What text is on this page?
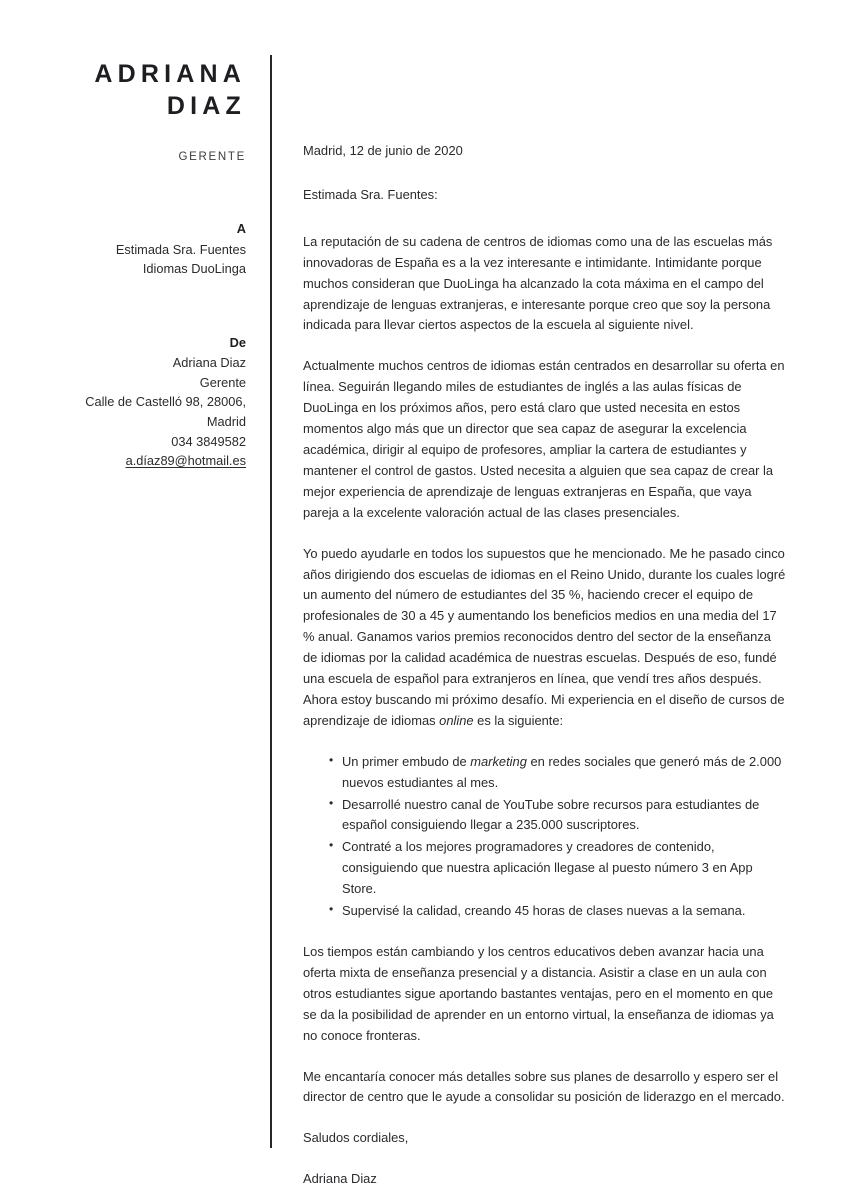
ADRIANA
DIAZ
GERENTE
A
Estimada Sra. Fuentes
Idiomas DuoLinga
De
Adriana Diaz
Gerente
Calle de Castelló 98, 28006,
Madrid
034 3849582
a.díaz89@hotmail.es

Madrid, 12 de junio de 2020

Estimada Sra. Fuentes:

La reputación de su cadena de centros de idiomas como una de las escuelas más innovadoras de España es a la vez interesante e intimidante. Intimidante porque muchos consideran que DuoLinga ha alcanzado la cota máxima en el campo del aprendizaje de lenguas extranjeras, e interesante porque creo que soy la persona indicada para llevar ciertos aspectos de la escuela al siguiente nivel.

Actualmente muchos centros de idiomas están centrados en desarrollar su oferta en línea. Seguirán llegando miles de estudiantes de inglés a las aulas físicas de DuoLinga en los próximos años, pero está claro que usted necesita en estos momentos algo más que un director que sea capaz de asegurar la excelencia académica, dirigir al equipo de profesores, ampliar la cartera de estudiantes y mantener el control de gastos. Usted necesita a alguien que sea capaz de crear la mejor experiencia de aprendizaje de lenguas extranjeras en España, que vaya pareja a la excelente valoración actual de las clases presenciales.

Yo puedo ayudarle en todos los supuestos que he mencionado. Me he pasado cinco años dirigiendo dos escuelas de idiomas en el Reino Unido, durante los cuales logré un aumento del número de estudiantes del 35 %, haciendo crecer el equipo de profesionales de 30 a 45 y aumentando los beneficios medios en una media del 17 % anual. Ganamos varios premios reconocidos dentro del sector de la enseñanza de idiomas por la calidad académica de nuestras escuelas. Después de eso, fundé una escuela de español para extranjeros en línea, que vendí tres años después. Ahora estoy buscando mi próximo desafío. Mi experiencia en el diseño de cursos de aprendizaje de idiomas online es la siguiente:

• Un primer embudo de marketing en redes sociales que generó más de 2.000 nuevos estudiantes al mes.
• Desarrollé nuestro canal de YouTube sobre recursos para estudiantes de español consiguiendo llegar a 235.000 suscriptores.
• Contraté a los mejores programadores y creadores de contenido, consiguiendo que nuestra aplicación llegase al puesto número 3 en App Store.
• Supervisé la calidad, creando 45 horas de clases nuevas a la semana.

Los tiempos están cambiando y los centros educativos deben avanzar hacia una oferta mixta de enseñanza presencial y a distancia. Asistir a clase en un aula con otros estudiantes sigue aportando bastantes ventajas, pero en el momento en que se da la posibilidad de aprender en un entorno virtual, la enseñanza de idiomas ya no conoce fronteras.

Me encantaría conocer más detalles sobre sus planes de desarrollo y espero ser el director de centro que le ayude a consolidar su posición de liderazgo en el mercado.

Saludos cordiales,

Adriana Diaz
